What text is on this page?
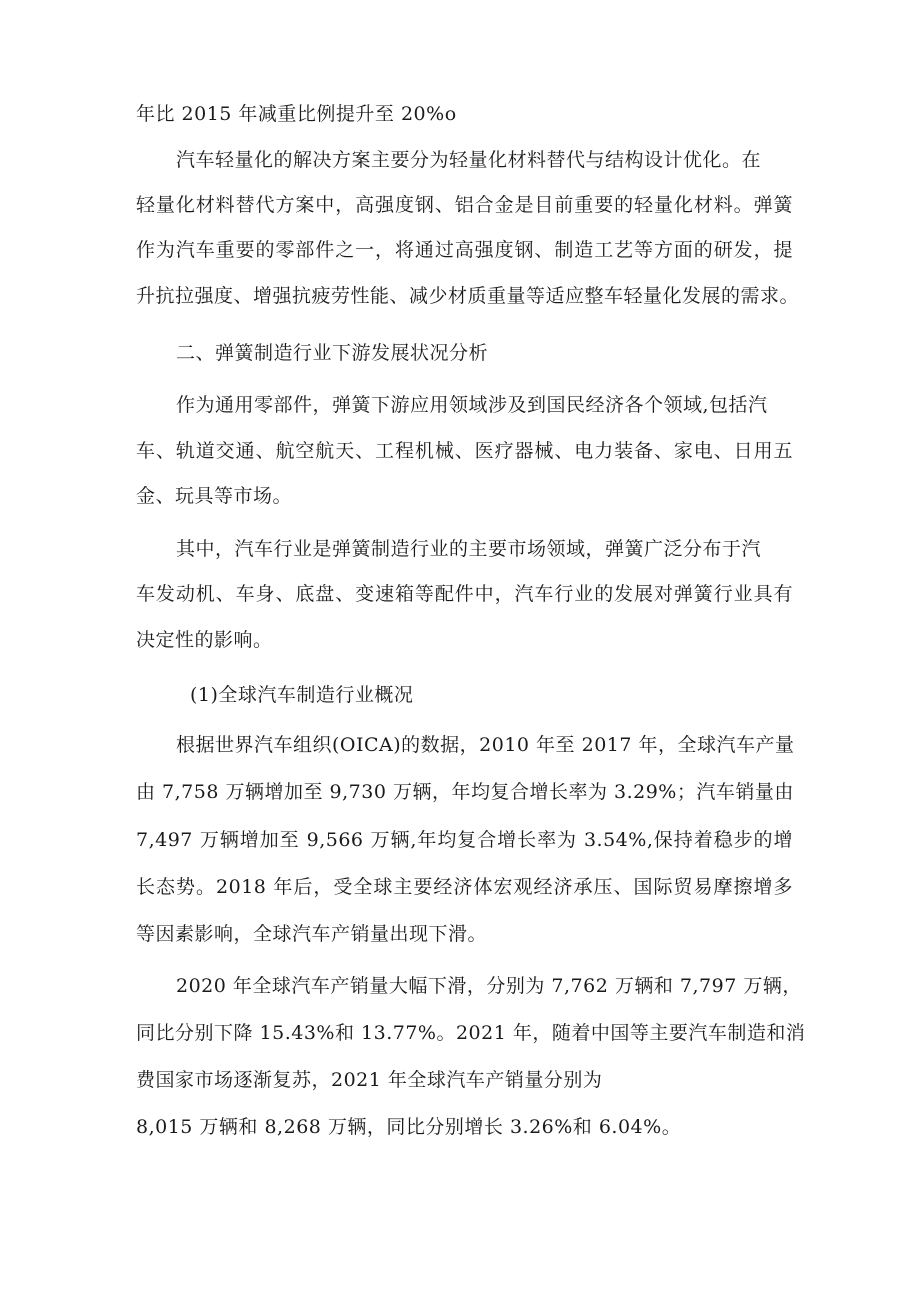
年比 2015 年减重比例提升至 20%o
汽车轻量化的解决方案主要分为轻量化材料替代与结构设计优化。在
轻量化材料替代方案中，高强度钢、铝合金是目前重要的轻量化材料。弹簧
作为汽车重要的零部件之一，将通过高强度钢、制造工艺等方面的研发，提
升抗拉强度、增强抗疲劳性能、减少材质重量等适应整车轻量化发展的需求。
二、弹簧制造行业下游发展状况分析
作为通用零部件，弹簧下游应用领域涉及到国民经济各个领域,包括汽
车、轨道交通、航空航天、工程机械、医疗器械、电力装备、家电、日用五
金、玩具等市场。
其中，汽车行业是弹簧制造行业的主要市场领域，弹簧广泛分布于汽
车发动机、车身、底盘、变速箱等配件中，汽车行业的发展对弹簧行业具有
决定性的影响。
(1)全球汽车制造行业概况
根据世界汽车组织(OICA)的数据，2010 年至 2017 年，全球汽车产量
由 7,758 万辆增加至 9,730 万辆，年均复合增长率为 3.29%；汽车销量由
7,497 万辆增加至 9,566 万辆,年均复合增长率为 3.54%,保持着稳步的增
长态势。2018 年后，受全球主要经济体宏观经济承压、国际贸易摩擦增多
等因素影响，全球汽车产销量出现下滑。
2020 年全球汽车产销量大幅下滑，分别为 7,762 万辆和 7,797 万辆，
同比分别下降 15.43%和 13.77%。2021 年，随着中国等主要汽车制造和消
费国家市场逐渐复苏，2021 年全球汽车产销量分别为
8,015 万辆和 8,268 万辆，同比分别增长 3.26%和 6.04%。
